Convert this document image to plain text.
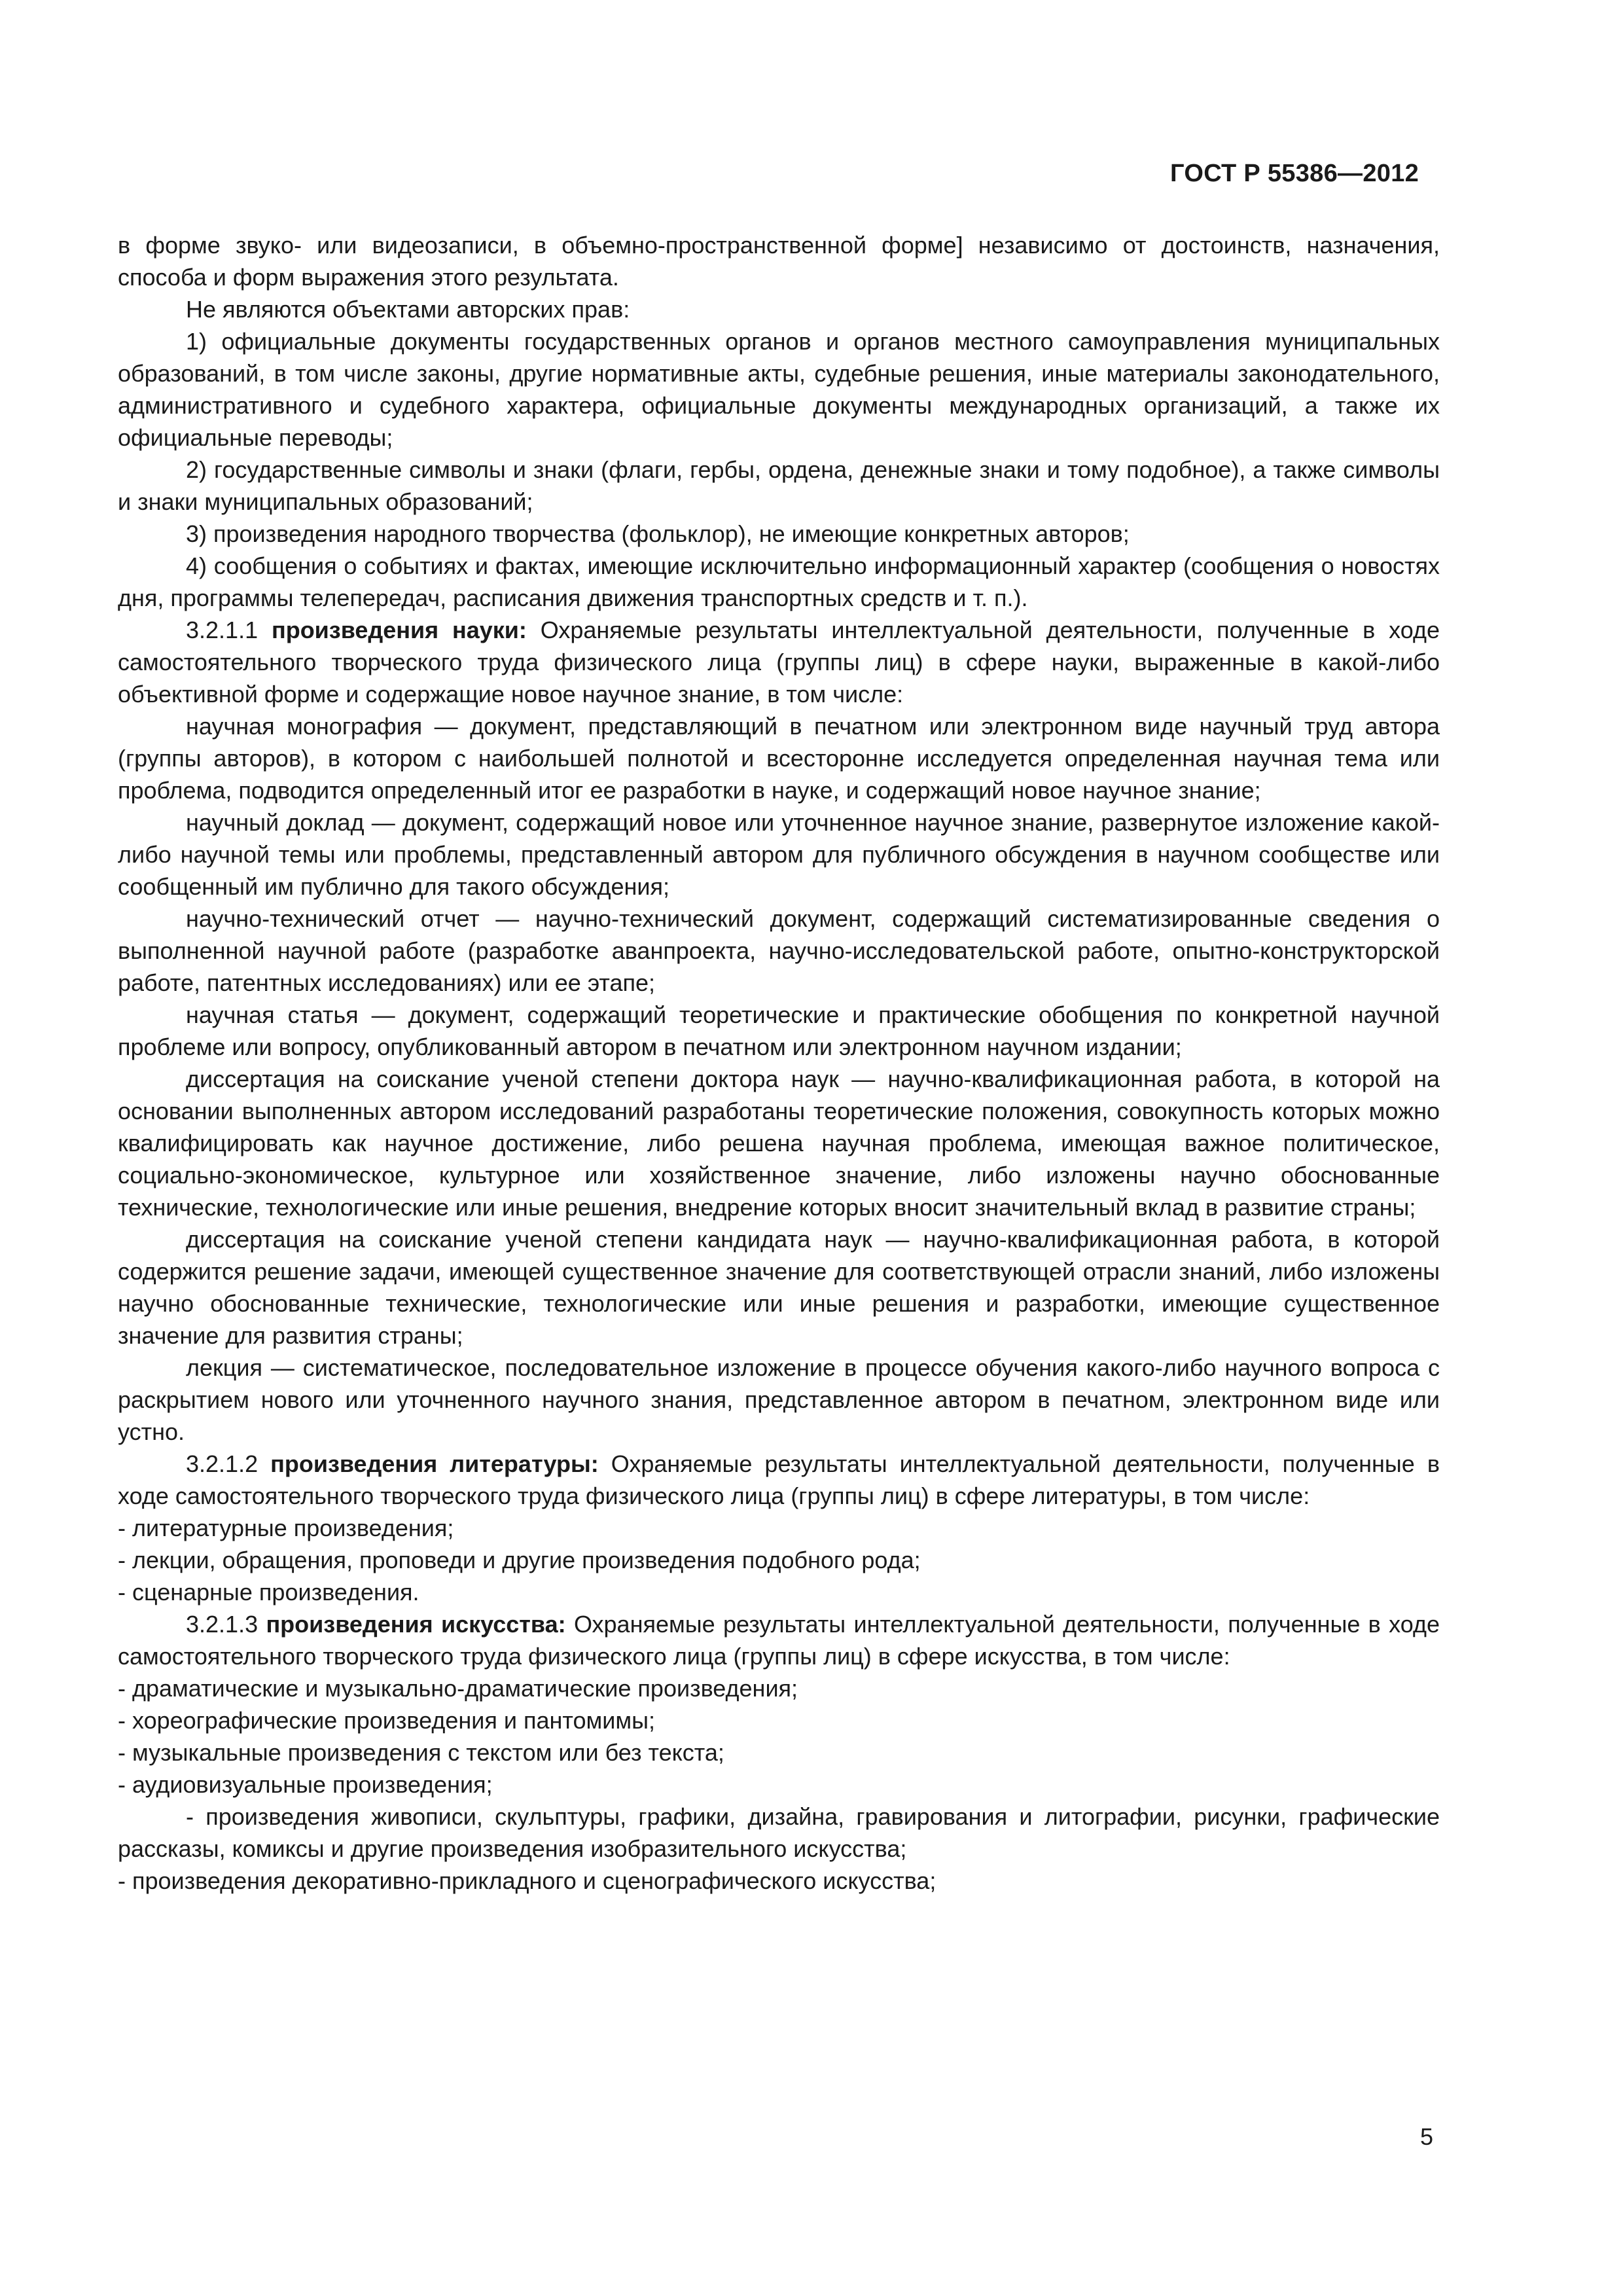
ГОСТ Р 55386—2012

в форме звуко- или видеозаписи, в объемно-пространственной форме] независимо от достоинств, назначения, способа и форм выражения этого результата.

Не являются объектами авторских прав:

1) официальные документы государственных органов и органов местного самоуправления муниципальных образований, в том числе законы, другие нормативные акты, судебные решения, иные материалы законодательного, административного и судебного характера, официальные документы международных организаций, а также их официальные переводы;

2) государственные символы и знаки (флаги, гербы, ордена, денежные знаки и тому подобное), а также символы и знаки муниципальных образований;

3) произведения народного творчества (фольклор), не имеющие конкретных авторов;

4) сообщения о событиях и фактах, имеющие исключительно информационный характер (сообщения о новостях дня, программы телепередач, расписания движения транспортных средств и т. п.).

3.2.1.1 произведения науки: Охраняемые результаты интеллектуальной деятельности, полученные в ходе самостоятельного творческого труда физического лица (группы лиц) в сфере науки, выраженные в какой-либо объективной форме и содержащие новое научное знание, в том числе:

научная монография — документ, представляющий в печатном или электронном виде научный труд автора (группы авторов), в котором с наибольшей полнотой и всесторонне исследуется определенная научная тема или проблема, подводится определенный итог ее разработки в науке, и содержащий новое научное знание;

научный доклад — документ, содержащий новое или уточненное научное знание, развернутое изложение какой-либо научной темы или проблемы, представленный автором для публичного обсуждения в научном сообществе или сообщенный им публично для такого обсуждения;

научно-технический отчет — научно-технический документ, содержащий систематизированные сведения о выполненной научной работе (разработке аванпроекта, научно-исследовательской работе, опытно-конструкторской работе, патентных исследованиях) или ее этапе;

научная статья — документ, содержащий теоретические и практические обобщения по конкретной научной проблеме или вопросу, опубликованный автором в печатном или электронном научном издании;

диссертация на соискание ученой степени доктора наук — научно-квалификационная работа, в которой на основании выполненных автором исследований разработаны теоретические положения, совокупность которых можно квалифицировать как научное достижение, либо решена научная проблема, имеющая важное политическое, социально-экономическое, культурное или хозяйственное значение, либо изложены научно обоснованные технические, технологические или иные решения, внедрение которых вносит значительный вклад в развитие страны;

диссертация на соискание ученой степени кандидата наук — научно-квалификационная работа, в которой содержится решение задачи, имеющей существенное значение для соответствующей отрасли знаний, либо изложены научно обоснованные технические, технологические или иные решения и разработки, имеющие существенное значение для развития страны;

лекция — систематическое, последовательное изложение в процессе обучения какого-либо научного вопроса с раскрытием нового или уточненного научного знания, представленное автором в печатном, электронном виде или устно.

3.2.1.2 произведения литературы: Охраняемые результаты интеллектуальной деятельности, полученные в ходе самостоятельного творческого труда физического лица (группы лиц) в сфере литературы, в том числе:

- литературные произведения;

- лекции, обращения, проповеди и другие произведения подобного рода;

- сценарные произведения.

3.2.1.3 произведения искусства: Охраняемые результаты интеллектуальной деятельности, полученные в ходе самостоятельного творческого труда физического лица (группы лиц) в сфере искусства, в том числе:

- драматические и музыкально-драматические произведения;

- хореографические произведения и пантомимы;

- музыкальные произведения с текстом или без текста;

- аудиовизуальные произведения;

- произведения живописи, скульптуры, графики, дизайна, гравирования и литографии, рисунки, графические рассказы, комиксы и другие произведения изобразительного искусства;

- произведения декоративно-прикладного и сценографического искусства;

5
